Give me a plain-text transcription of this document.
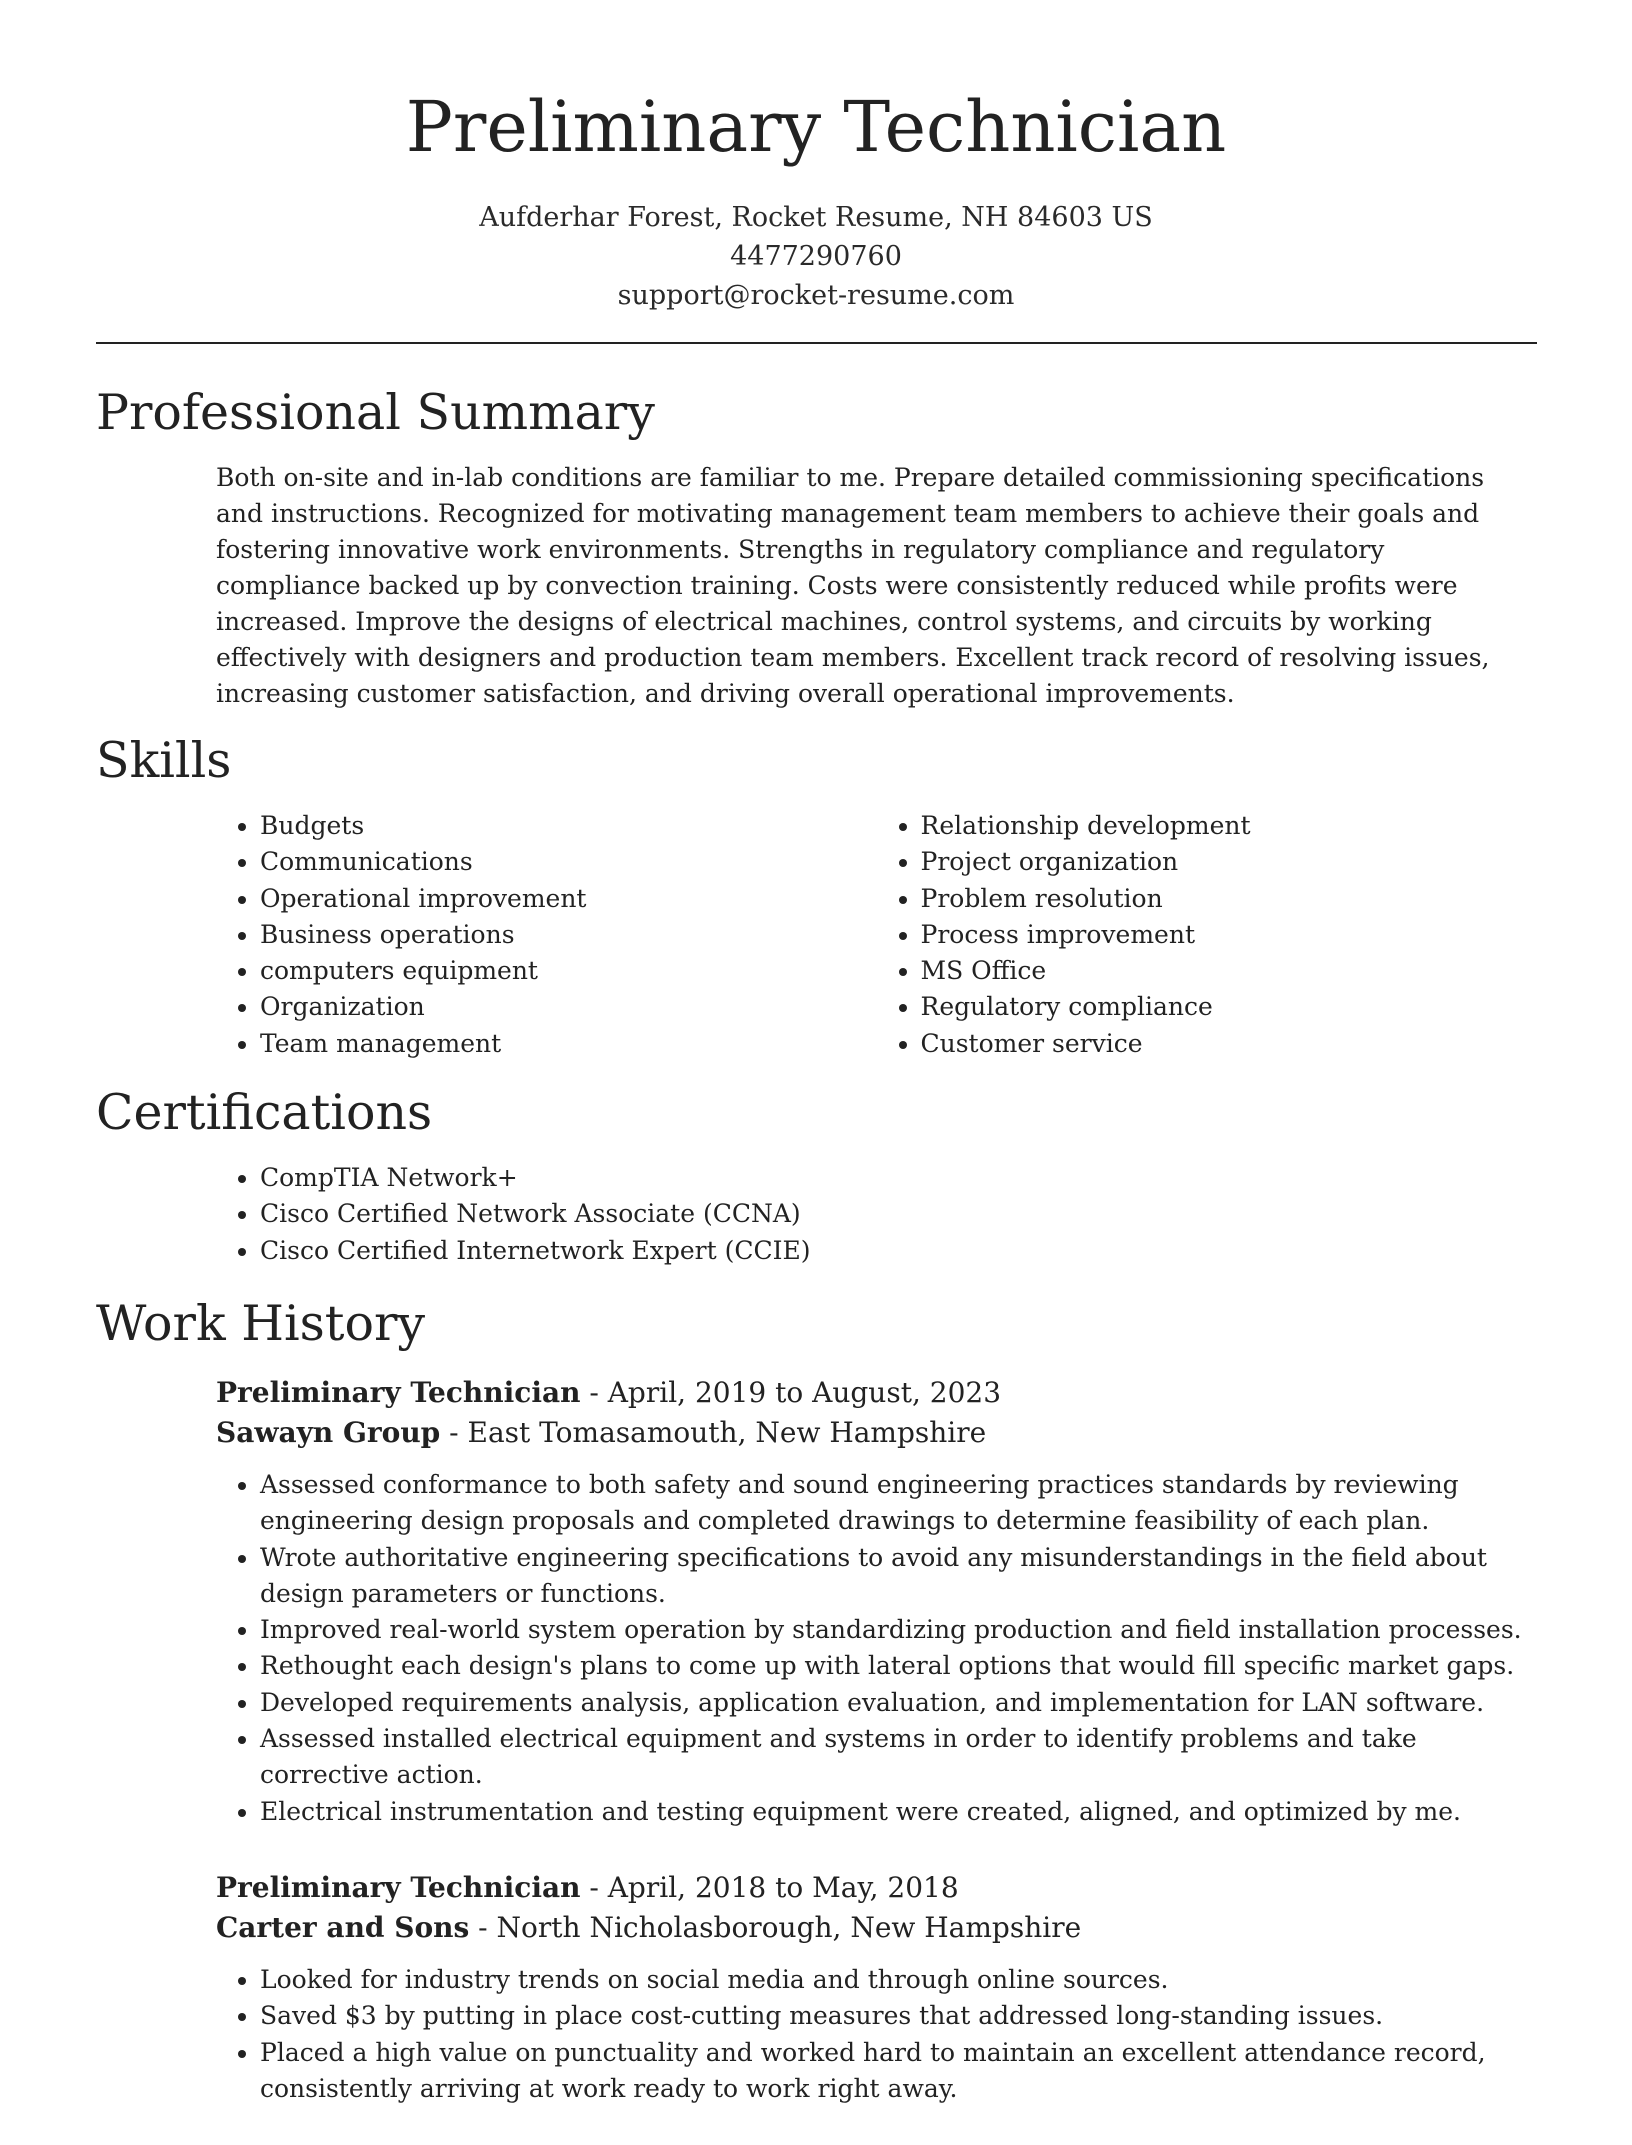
Preliminary Technician
Aufderhar Forest, Rocket Resume, NH 84603 US
4477290760
support@rocket-resume.com
Professional Summary

Both on-site and in-lab conditions are familiar to me. Prepare detailed commissioning specifications and instructions. Recognized for motivating management team members to achieve their goals and fostering innovative work environments. Strengths in regulatory compliance and regulatory compliance backed up by convection training. Costs were consistently reduced while profits were increased. Improve the designs of electrical machines, control systems, and circuits by working effectively with designers and production team members. Excellent track record of resolving issues, increasing customer satisfaction, and driving overall operational improvements.

Skills
• Budgets
• Communications
• Operational improvement
• Business operations
• computers equipment
• Organization
• Team management
• Relationship development
• Project organization
• Problem resolution
• Process improvement
• MS Office
• Regulatory compliance
• Customer service
Certifications
• CompTIA Network+
• Cisco Certified Network Associate (CCNA)
• Cisco Certified Internetwork Expert (CCIE)
Work History

Preliminary Technician - April, 2019 to August, 2023

Sawayn Group - East Tomasamouth, New Hampshire

• Assessed conformance to both safety and sound engineering practices standards by reviewing engineering design proposals and completed drawings to determine feasibility of each plan.
• Wrote authoritative engineering specifications to avoid any misunderstandings in the field about design parameters or functions.
• Improved real-world system operation by standardizing production and field installation processes.
• Rethought each design's plans to come up with lateral options that would fill specific market gaps.
• Developed requirements analysis, application evaluation, and implementation for LAN software.
• Assessed installed electrical equipment and systems in order to identify problems and take corrective action.
• Electrical instrumentation and testing equipment were created, aligned, and optimized by me.

Preliminary Technician - April, 2018 to May, 2018

Carter and Sons - North Nicholasborough, New Hampshire

• Looked for industry trends on social media and through online sources.
• Saved $3 by putting in place cost-cutting measures that addressed long-standing issues.
• Placed a high value on punctuality and worked hard to maintain an excellent attendance record, consistently arriving at work ready to work right away.
